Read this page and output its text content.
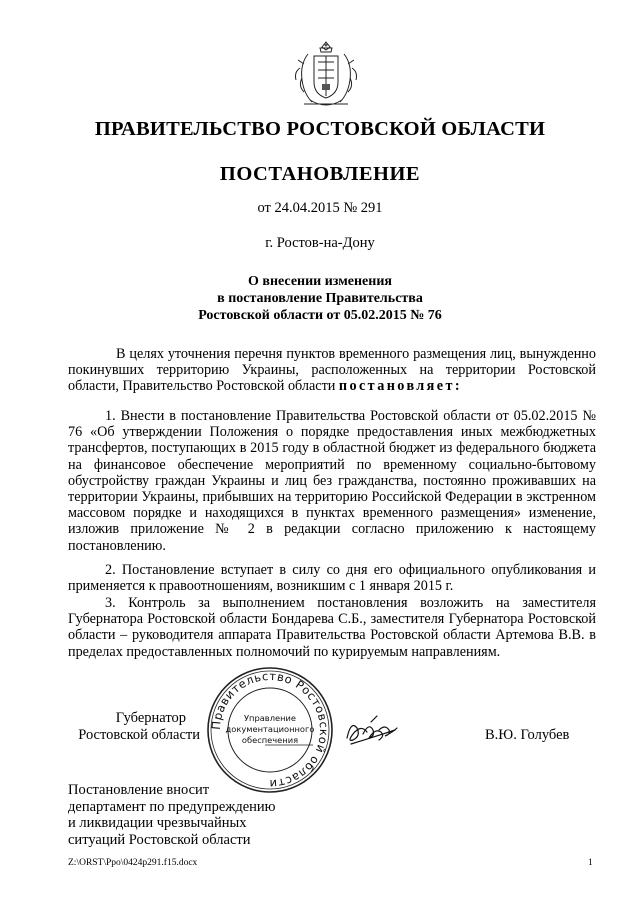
ПРАВИТЕЛЬСТВО РОСТОВСКОЙ ОБЛАСТИ
ПОСТАНОВЛЕНИЕ
от 24.04.2015 № 291
г. Ростов-на-Дону
О внесении изменения
в постановление Правительства
Ростовской области от 05.02.2015 № 76
В целях уточнения перечня пунктов временного размещения лиц, вынужденно покинувших территорию Украины, расположенных на территории Ростовской области, Правительство Ростовской области постановляет:
1. Внести в постановление Правительства Ростовской области от 05.02.2015 № 76 «Об утверждении Положения о порядке предоставления иных межбюджетных трансфертов, поступающих в 2015 году в областной бюджет из федерального бюджета на финансовое обеспечение мероприятий по временному социально-бытовому обустройству граждан Украины и лиц без гражданства, постоянно проживавших на территории Украины, прибывших на территорию Российской Федерации в экстренном массовом порядке и находящихся в пунктах временного размещения» изменение, изложив приложение № 2 в редакции согласно приложению к настоящему постановлению.
2. Постановление вступает в силу со дня его официального опубликования и применяется к правоотношениям, возникшим с 1 января 2015 г.
3. Контроль за выполнением постановления возложить на заместителя Губернатора Ростовской области Бондарева С.Б., заместителя Губернатора Ростовской области – руководителя аппарата Правительства Ростовской области Артемова В.В. в пределах предоставленных полномочий по курируемым направлениям.
Губернатор
Ростовской области
Правительство Ростовской области
Управление
документационного
обеспечения	В.Ю. Голубев
Постановление вносит
департамент по предупреждению
и ликвидации чрезвычайных
ситуаций Ростовской области
Z:\ORST\Ppo\0424p291.f15.docx	1
